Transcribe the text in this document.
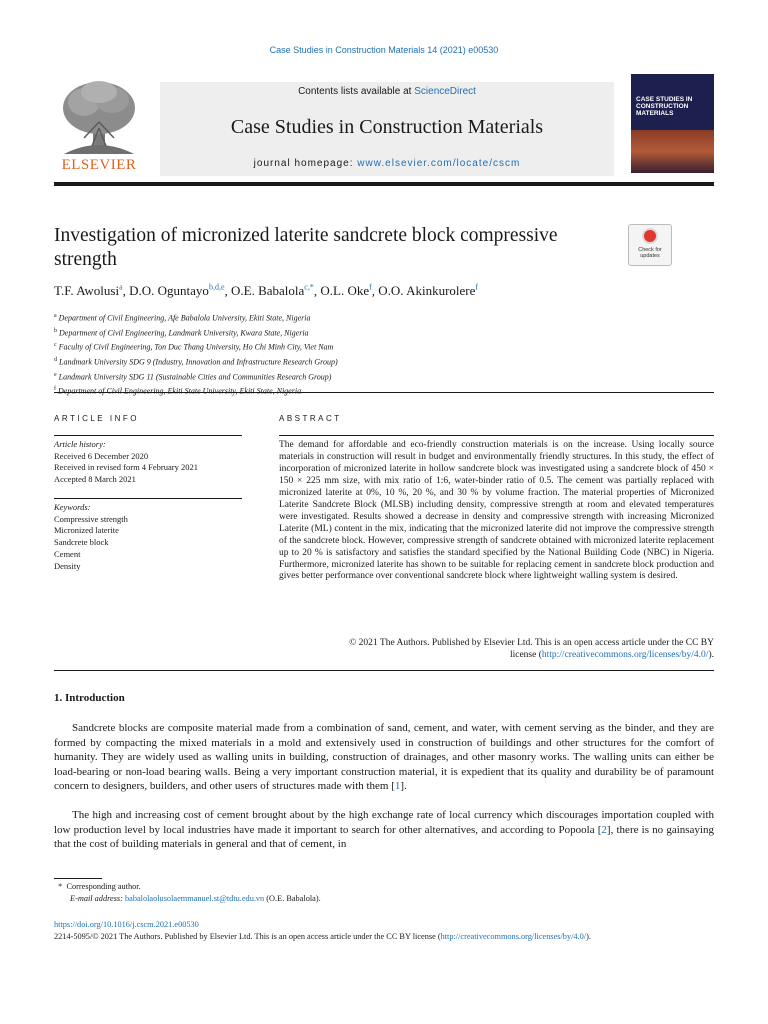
Case Studies in Construction Materials 14 (2021) e00530
ELSEVIER
Contents lists available at ScienceDirect
Case Studies in Construction Materials
journal homepage: www.elsevier.com/locate/cscm
CASE STUDIES IN CONSTRUCTION MATERIALS
Investigation of micronized laterite sandcrete block compressive strength	Check for updates
T.F. Awolusi$^a$, D.O. Oguntayo$^{b,d,e}$, O.E. Babalola$^{c,*}$, O.L. Oke$^f$, O.O. Akinkurolere$^f$
$^a$ Department of Civil Engineering, Afe Babalola University, Ekiti State, Nigeria
$^b$ Department of Civil Engineering, Landmark University, Kwara State, Nigeria
$^c$ Faculty of Civil Engineering, Ton Duc Thang University, Ho Chi Minh City, Viet Nam
$^d$ Landmark University SDG 9 (Industry, Innovation and Infrastructure Research Group)
$^e$ Landmark University SDG 11 (Sustainable Cities and Communities Research Group)
$^f$
ARTICLE INFO
Article history:
Received 6 December 2020
Received in revised form 4 February 2021
Accepted 8 March 2021
Keywords:
Compressive strength
Micronized laterite
Sandcrete block
Cement
Density
ABSTRACT
The demand for affordable and eco-friendly construction materials is on the increase. Using locally source materials in construction will result in budget and environmentally friendly structures. In this study, the effect of incorporation of micronized laterite in hollow sandcrete block was investigated using a sandcrete block of 450 × 150 × 225 mm size, with mix ratio of 1:6, water-binder ratio of 0.5. The cement was partially replaced with micronized laterite at 0%, 10 %, 20 %, and 30 % by volume fraction. The material properties of Micronized Laterite Sandcrete Block (MLSB) including density, compressive strength at room and elevated temperatures were investigated. Results showed a decrease in density and compressive strength with increasing Micronized Laterite (ML) content in the mix, indicating that the micronized laterite did not improve the compressive strength of the sandcrete block. However, compressive strength of sandcrete obtained with micronized laterite replacement up to 20 % is satisfactory and satisfies the standard specified by the National Building Code (NBC) in Nigeria. Furthermore, micronized laterite has shown to be suitable for replacing cement in sandcrete block production and gives better performance over conventional sandcrete block where lightweight walling system is desired.
© 2021 The Authors. Published by Elsevier Ltd. This is an open access article under the CC BY
license (http://creativecommons.org/licenses/by/4.0/).
1. Introduction
Sandcrete blocks are composite material made from a combination of sand, cement, and water, with cement serving as the binder, and they are formed by compacting the mixed materials in a mold and extensively used in construction of buildings and other structures for the comfort of humanity. They are widely used as walling units in building, construction of drainages, and other masonry works. The walling units can either be load-bearing or non-load bearing walls. Being a very important construction material, it is expedient that its quality and durability be of paramount concern to designers, builders, and other users of structures made with them [1].
The high and increasing cost of cement brought about by the high exchange rate of local currency which discourages importation coupled with low production level by local industries have made it important to search for other alternatives, and according to Popoola [2], there is no gainsaying that the cost of building materials in general and that of cement, in
* Corresponding author.
E-mail address: babalolaolusolaemmanuel.st@tdtu.edu.vn (O.E. Babalola).
https://doi.org/10.1016/j.cscm.2021.e00530
2214-5095/© 2021 The Authors. Published by Elsevier Ltd. This is an open access article under the CC BY license (http://creativecommons.org/licenses/by/4.0/).
